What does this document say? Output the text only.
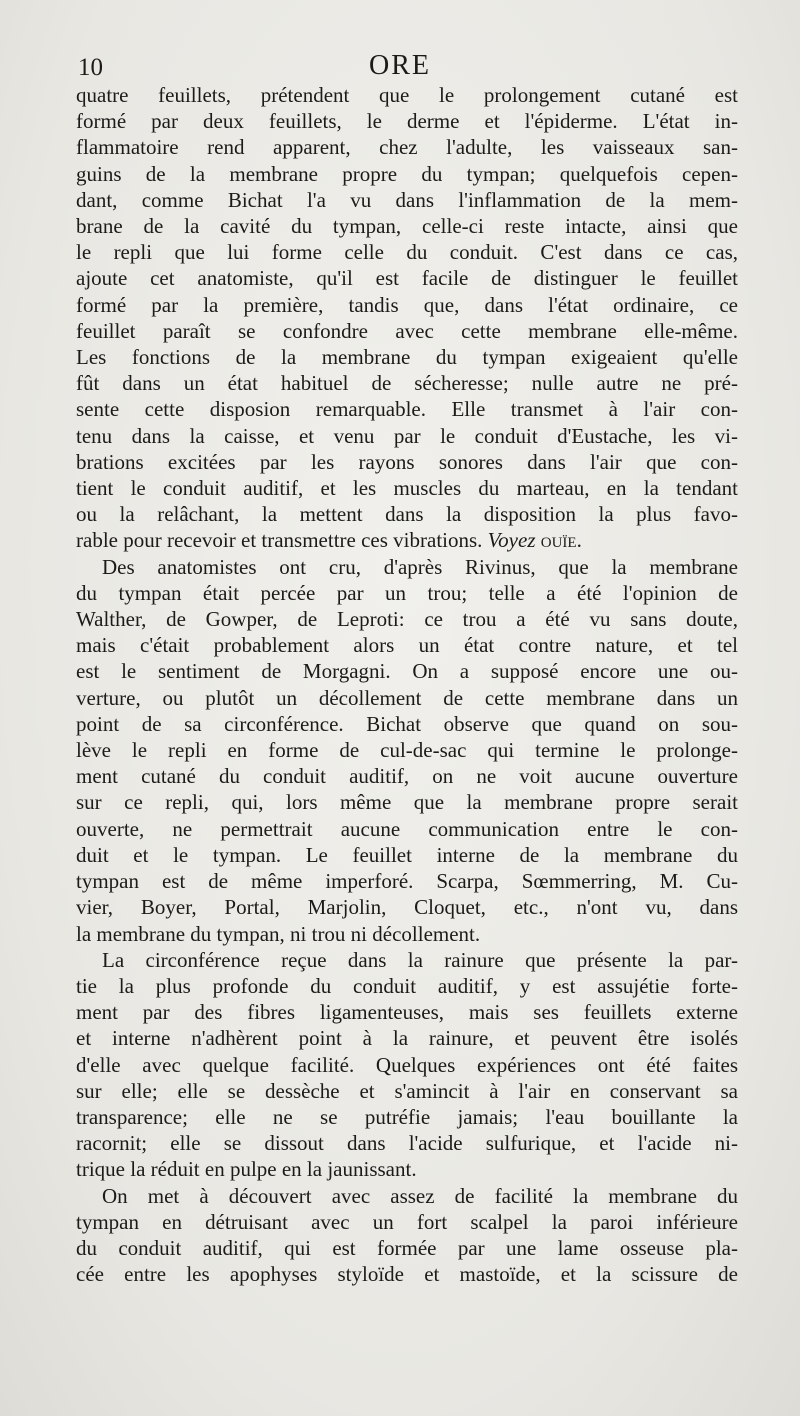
10	ORE
quatre feuillets, prétendent que le prolongement cutané est
formé par deux feuillets, le derme et l'épiderme. L'état in-
flammatoire rend apparent, chez l'adulte, les vaisseaux san-
guins de la membrane propre du tympan; quelquefois cepen-
dant, comme Bichat l'a vu dans l'inflammation de la mem-
brane de la cavité du tympan, celle-ci reste intacte, ainsi que
le repli que lui forme celle du conduit. C'est dans ce cas,
ajoute cet anatomiste, qu'il est facile de distinguer le feuillet
formé par la première, tandis que, dans l'état ordinaire, ce
feuillet paraît se confondre avec cette membrane elle-même.
Les fonctions de la membrane du tympan exigeaient qu'elle
fût dans un état habituel de sécheresse; nulle autre ne pré-
sente cette disposion remarquable. Elle transmet à l'air con-
tenu dans la caisse, et venu par le conduit d'Eustache, les vi-
brations excitées par les rayons sonores dans l'air que con-
tient le conduit auditif, et les muscles du marteau, en la tendant
ou la relâchant, la mettent dans la disposition la plus favo-
rable pour recevoir et transmettre ces vibrations. Voyez ouïe.
Des anatomistes ont cru, d'après Rivinus, que la membrane
du tympan était percée par un trou; telle a été l'opinion de
Walther, de Gowper, de Leproti: ce trou a été vu sans doute,
mais c'était probablement alors un état contre nature, et tel
est le sentiment de Morgagni. On a supposé encore une ou-
verture, ou plutôt un décollement de cette membrane dans un
point de sa circonférence. Bichat observe que quand on sou-
lève le repli en forme de cul-de-sac qui termine le prolonge-
ment cutané du conduit auditif, on ne voit aucune ouverture
sur ce repli, qui, lors même que la membrane propre serait
ouverte, ne permettrait aucune communication entre le con-
duit et le tympan. Le feuillet interne de la membrane du
tympan est de même imperforé. Scarpa, Sœmmerring, M. Cu-
vier, Boyer, Portal, Marjolin, Cloquet, etc., n'ont vu, dans
la membrane du tympan, ni trou ni décollement.
La circonférence reçue dans la rainure que présente la par-
tie la plus profonde du conduit auditif, y est assujétie forte-
ment par des fibres ligamenteuses, mais ses feuillets externe
et interne n'adhèrent point à la rainure, et peuvent être isolés
d'elle avec quelque facilité. Quelques expériences ont été faites
sur elle; elle se dessèche et s'amincit à l'air en conservant sa
transparence; elle ne se putréfie jamais; l'eau bouillante la
racornit; elle se dissout dans l'acide sulfurique, et l'acide ni-
trique la réduit en pulpe en la jaunissant.
On met à découvert avec assez de facilité la membrane du
tympan en détruisant avec un fort scalpel la paroi inférieure
du conduit auditif, qui est formée par une lame osseuse pla-
cée entre les apophyses styloïde et mastoïde, et la scissure de
